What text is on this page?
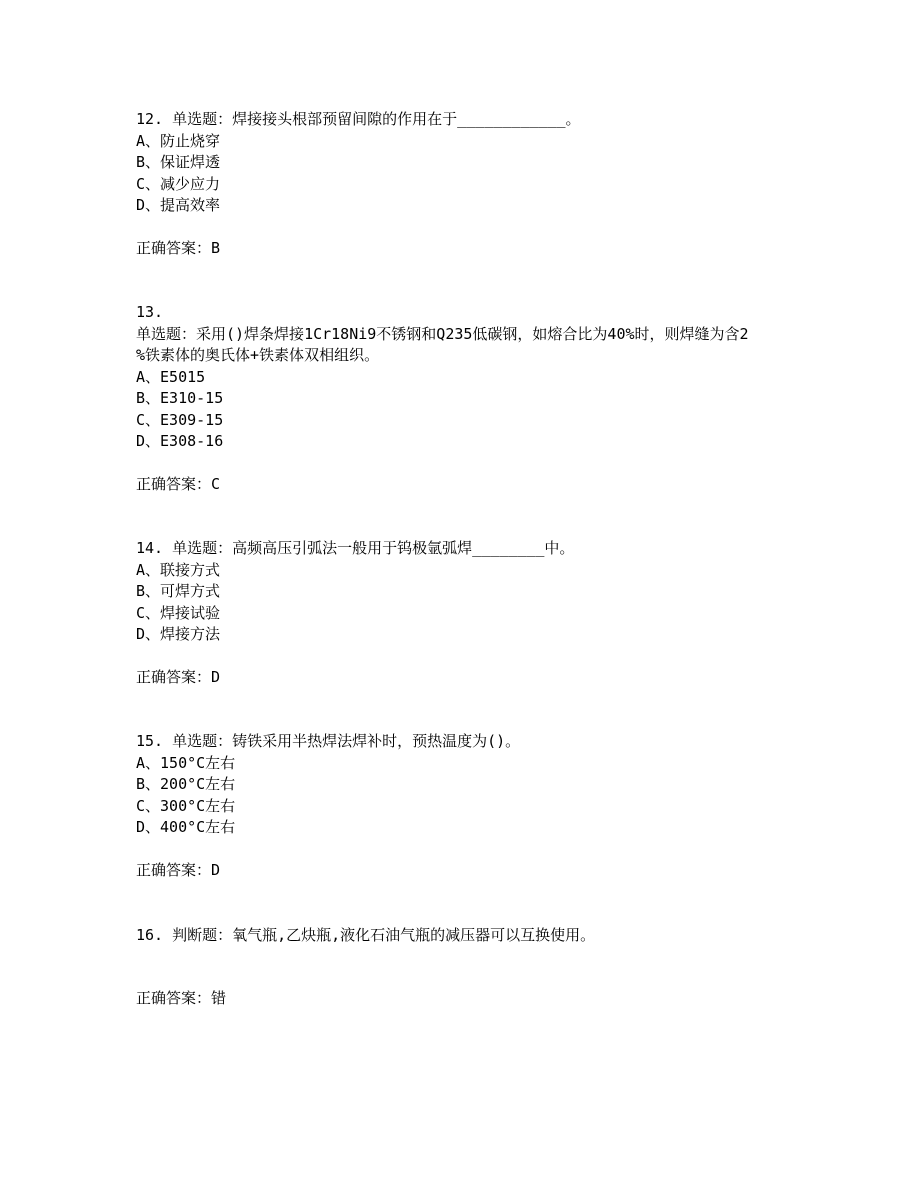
12. 单选题：焊接接头根部预留间隙的作用在于____________。
A、防止烧穿
B、保证焊透
C、减少应力
D、提高效率
正确答案：B
13.
单选题：采用()焊条焊接1Cr18Ni9不锈钢和Q235低碳钢，如熔合比为40%时，则焊缝为含2
%铁素体的奥氏体+铁素体双相组织。
A、E5015
B、E310-15
C、E309-15
D、E308-16
正确答案：C
14. 单选题：高频高压引弧法一般用于钨极氩弧焊________中。
A、联接方式
B、可焊方式
C、焊接试验
D、焊接方法
正确答案：D
15. 单选题：铸铁采用半热焊法焊补时，预热温度为()。
A、150°C左右
B、200°C左右
C、300°C左右
D、400°C左右
正确答案：D
16. 判断题：氧气瓶,乙炔瓶,液化石油气瓶的减压器可以互换使用。
正确答案：错
